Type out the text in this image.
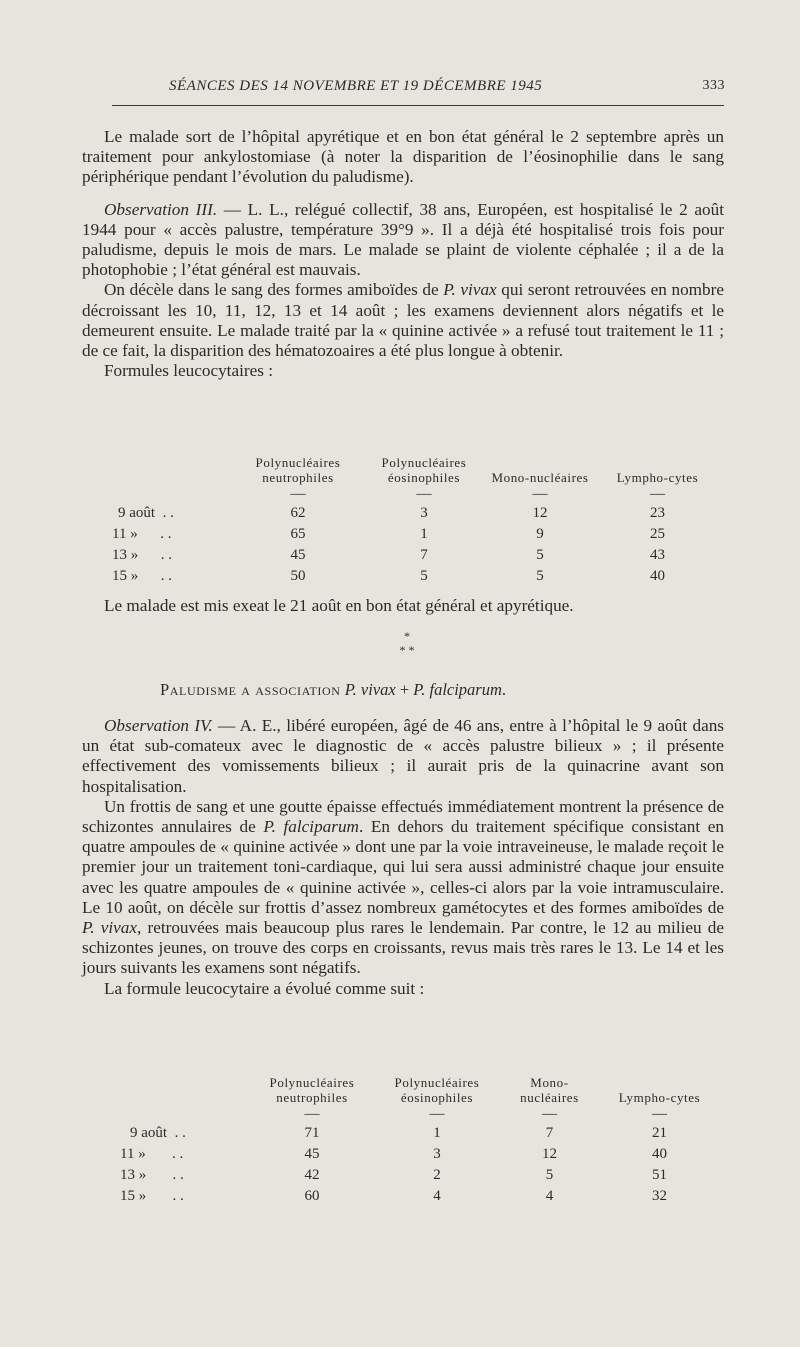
SÉANCES DES 14 NOVEMBRE ET 19 DÉCEMBRE 1945	333

Le malade sort de l’hôpital apyrétique et en bon état général le 2 septembre après un traitement pour ankylostomiase (à noter la disparition de l’éosinophilie dans le sang périphérique pendant l’évolution du paludisme).

Observation III. — L. L., relégué collectif, 38 ans, Européen, est hospitalisé le 2 août 1944 pour « accès palustre, température 39°9 ». Il a déjà été hospitalisé trois fois pour paludisme, depuis le mois de mars. Le malade se plaint de violente céphalée ; il a de la photophobie ; l’état général est mauvais.

On décèle dans le sang des formes amiboïdes de P. vivax qui seront retrouvées en nombre décroissant les 10, 11, 12, 13 et 14 août ; les examens deviennent alors négatifs et le demeurent ensuite. Le malade traité par la « quinine activée » a refusé tout traitement le 11 ; de ce fait, la disparition des hématozoaires a été plus longue à obtenir.

Formules leucocytaires :

	Polynucléaires neutrophiles	Polynucléaires éosinophiles	Mono-nucléaires	Lympho-cytes
	—	—	—	—
9 août . .	62	3	12	23
11 » . .	65	1	9	25
13 » . .	45	7	5	43
15 » . .	50	5	5	40

Le malade est mis exeat le 21 août en bon état général et apyrétique.

*
* *
Paludisme a association P. vivax + P. falciparum.

Observation IV. — A. E., libéré européen, âgé de 46 ans, entre à l’hôpital le 9 août dans un état sub-comateux avec le diagnostic de « accès palustre bilieux » ; il présente effectivement des vomissements bilieux ; il aurait pris de la quinacrine avant son hospitalisation.

Un frottis de sang et une goutte épaisse effectués immédiatement montrent la présence de schizontes annulaires de P. falciparum. En dehors du traitement spécifique consistant en quatre ampoules de « quinine activée » dont une par la voie intraveineuse, le malade reçoit le premier jour un traitement toni-cardiaque, qui lui sera aussi administré chaque jour ensuite avec les quatre ampoules de « quinine activée », celles-ci alors par la voie intramusculaire. Le 10 août, on décèle sur frottis d’assez nombreux gamétocytes et des formes amiboïdes de P. vivax, retrouvées mais beaucoup plus rares le lendemain. Par contre, le 12 au milieu de schizontes jeunes, on trouve des corps en croissants, revus mais très rares le 13. Le 14 et les jours suivants les examens sont négatifs.

La formule leucocytaire a évolué comme suit :

	Polynucléaires neutrophiles	Polynucléaires éosinophiles	Mono-nucléaires	Lympho-cytes
	—	—	—	—
9 août . .	71	1	7	21
11 » . .	45	3	12	40
13 » . .	42	2	5	51
15 » . .	60	4	4	32
